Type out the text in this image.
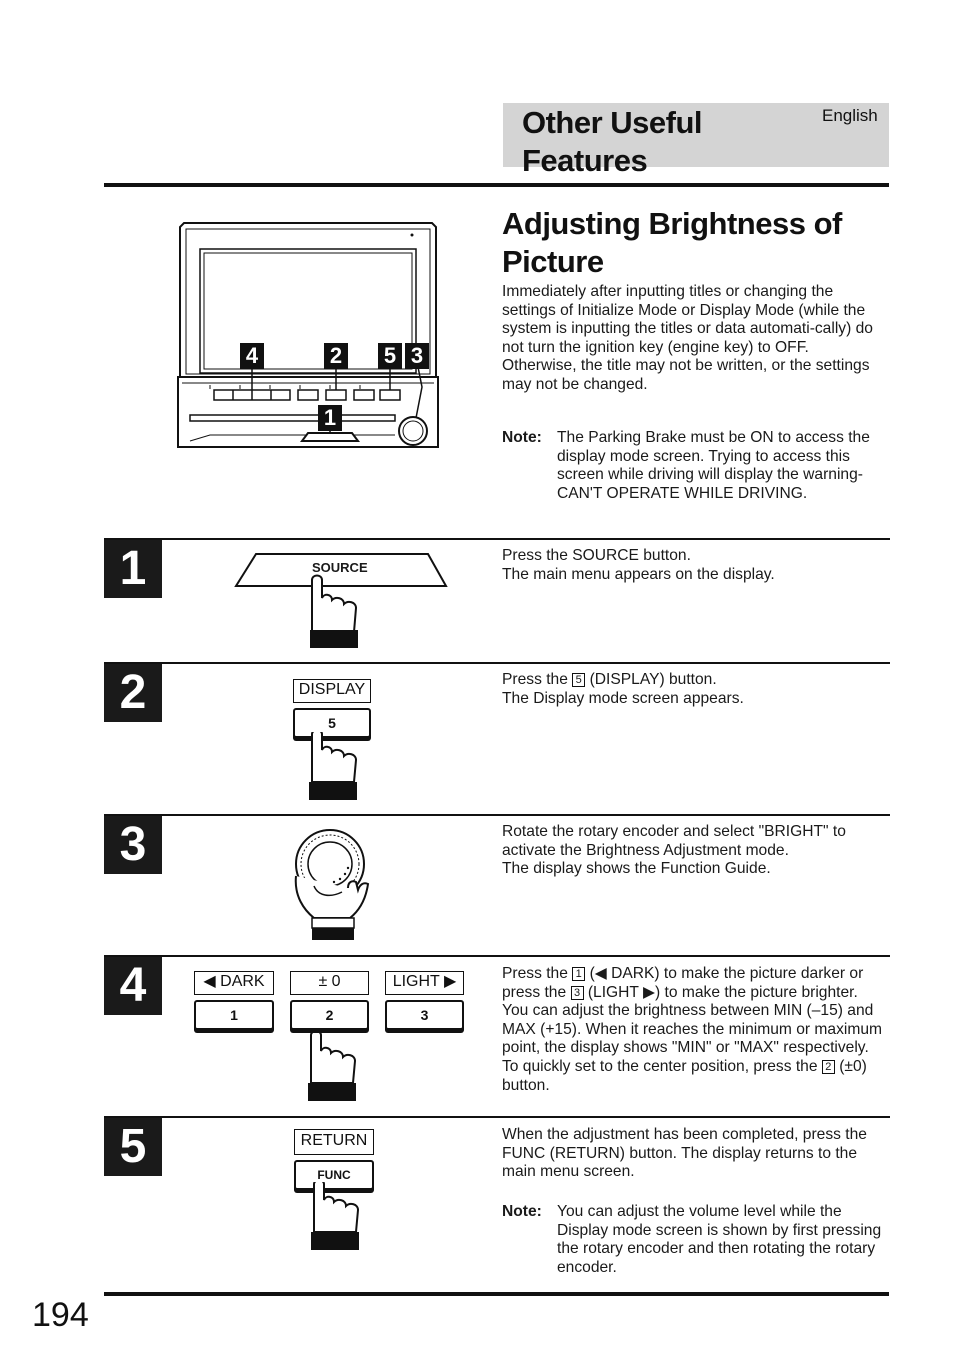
Other Useful Features
English
4	2 5 3
1
Adjusting Brightness of Picture

Immediately after inputting titles or changing the settings of Initialize Mode or Display Mode (while the system is inputting the titles or data automati-cally) do not turn the ignition key (engine key) to OFF.

Otherwise, the title may not be written, or the settings may not be changed.

Note: The Parking Brake must be ON to access the display mode screen. Trying to access this screen while driving will display the warning-CAN'T OPERATE WHILE DRIVING.
1	SOURCE

Press the SOURCE button.

The main menu appears on the display.

2	DISPLAY
5

Press the 5 (DISPLAY) button.

The Display mode screen appears.

3	Rotate the rotary encoder and select "BRIGHT" to activate the Brightness Adjustment mode.

The display shows the Function Guide.

4	◀ DARK	± 0	LIGHT ▶
1	2	3

Press the 1 (◀ DARK) to make the picture darker or press the 3 (LIGHT ▶) to make the picture brighter. You can adjust the brightness between MIN (–15) and MAX (+15). When it reaches the minimum or maximum point, the display shows "MIN" or "MAX" respectively. To quickly set to the center position, press the 2 (±0) button.

5	RETURN
FUNC
When the adjustment has been completed, press the FUNC (RETURN) button. The display returns to the main menu screen.
Note: You can adjust the volume level while the Display mode screen is shown by first pressing the rotary encoder and then rotating the rotary encoder.
194
